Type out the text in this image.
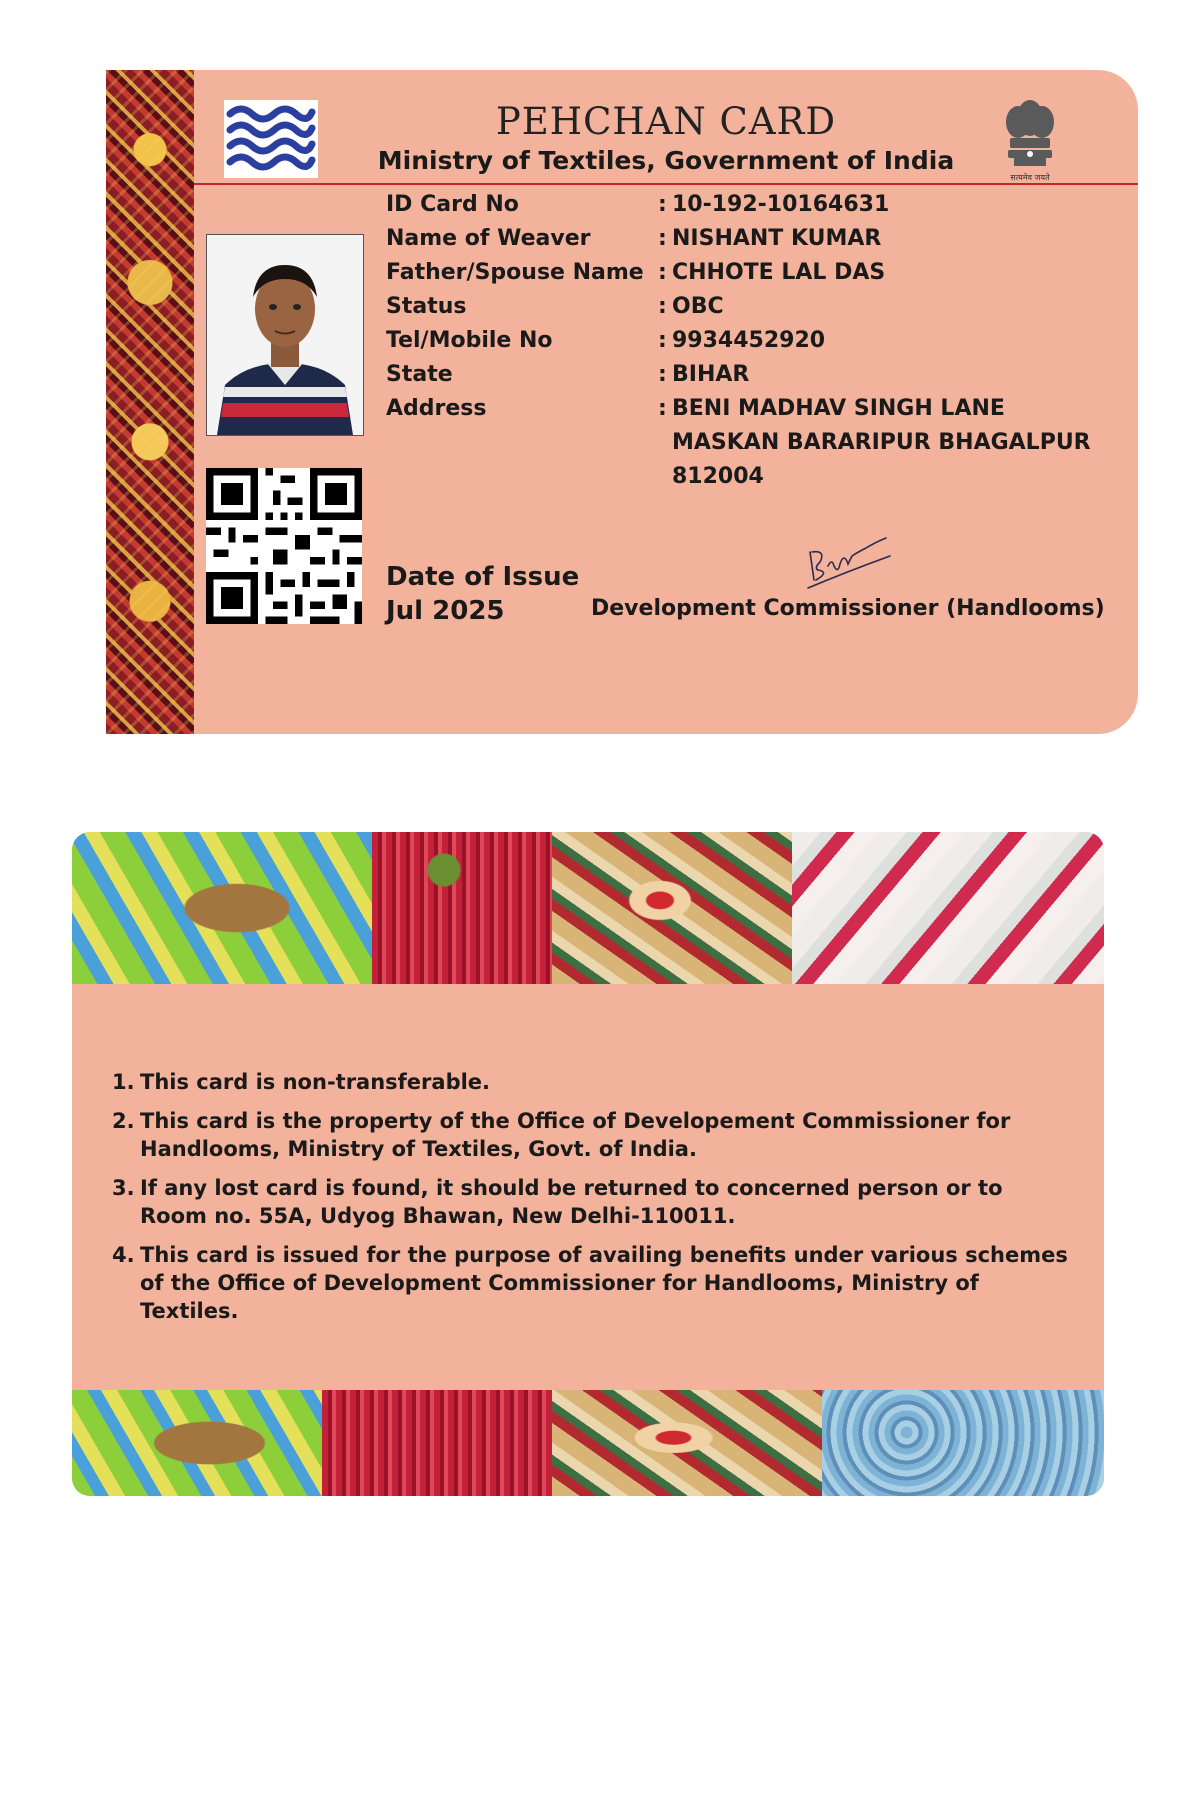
PEHCHAN CARD
Ministry of Textiles, Government of India
सत्यमेव जयते
ID Card No	: 10-192-10164631
Name of Weaver	: NISHANT KUMAR
Father/Spouse Name : CHHOTE LAL DAS
Status	: OBC
Tel/Mobile No	: 9934452920
State	: BIHAR
Address	: BENI MADHAV SINGH LANE
MASKAN BARARIPUR BHAGALPUR
812004
Date of Issue
Jul 2025	Development Commissioner (Handlooms)
1. This card is non-transferable.
2. This card is the property of the Office of Developement Commissioner for Handlooms, Ministry of Textiles, Govt. of India.
3. If any lost card is found, it should be returned to concerned person or to Room no. 55A, Udyog Bhawan, New Delhi-110011.
4. This card is issued for the purpose of availing benefits under various schemes of the Office of Development Commissioner for Handlooms, Ministry of Textiles.
